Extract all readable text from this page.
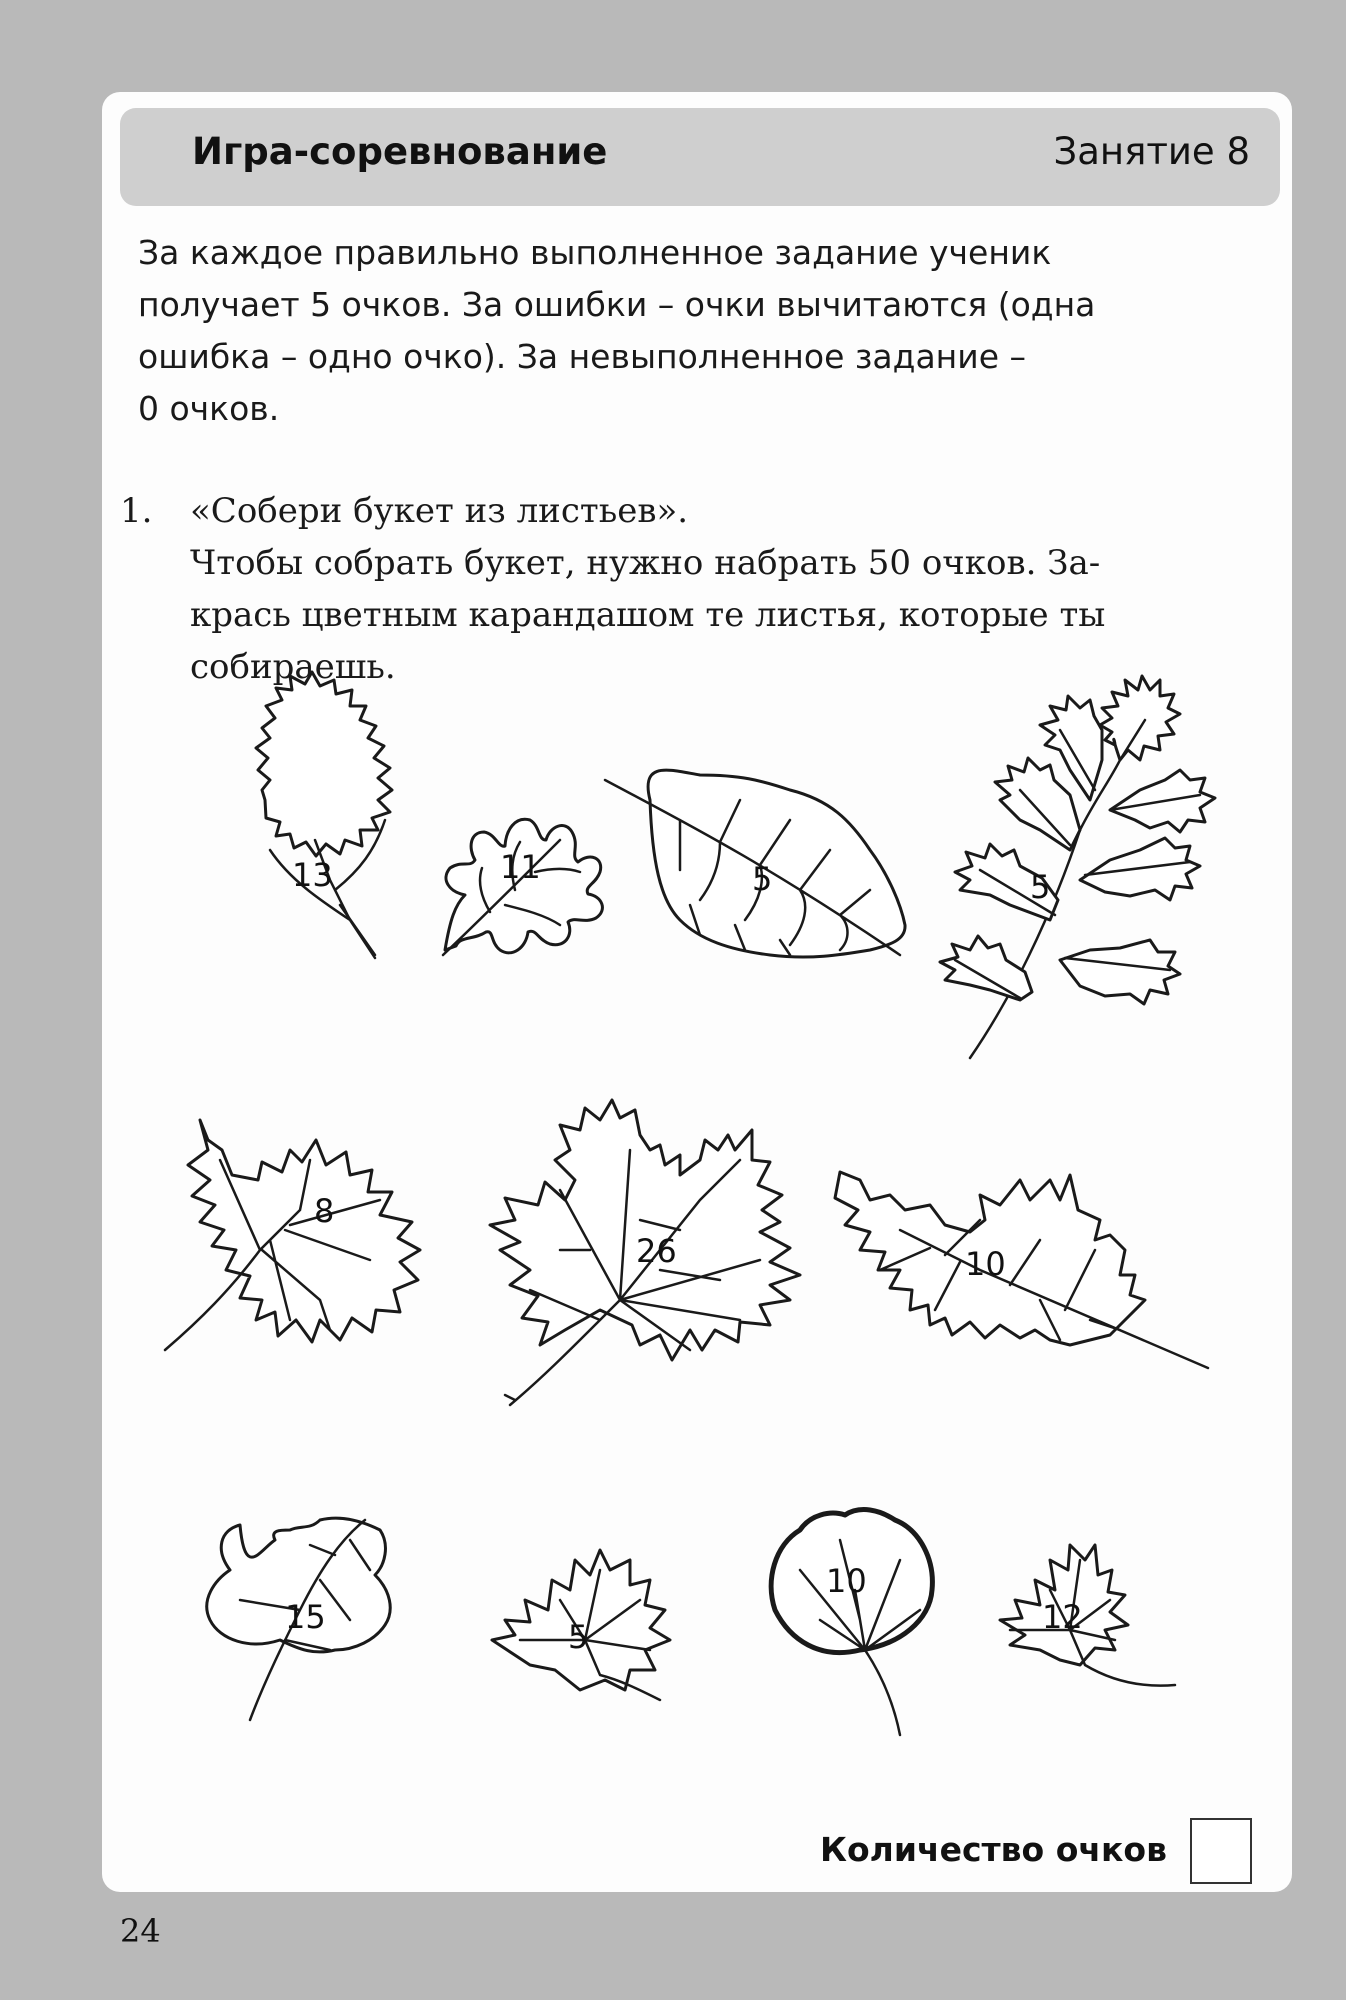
Игра-соревнование	Занятие 8
За каждое правильно выполненное задание ученик
получает 5 очков. За ошибки – очки вычитаются (одна
ошибка – одно очко). За невыполненное задание –
0 очков.
1. «Собери букет из листьев».
Чтобы собрать букет, нужно набрать 50 очков. За-
крась цветным карандашом те листья, которые ты
собираешь.
13	11	5	5
8
26	10
15
5
10
12
Количество очков
24
